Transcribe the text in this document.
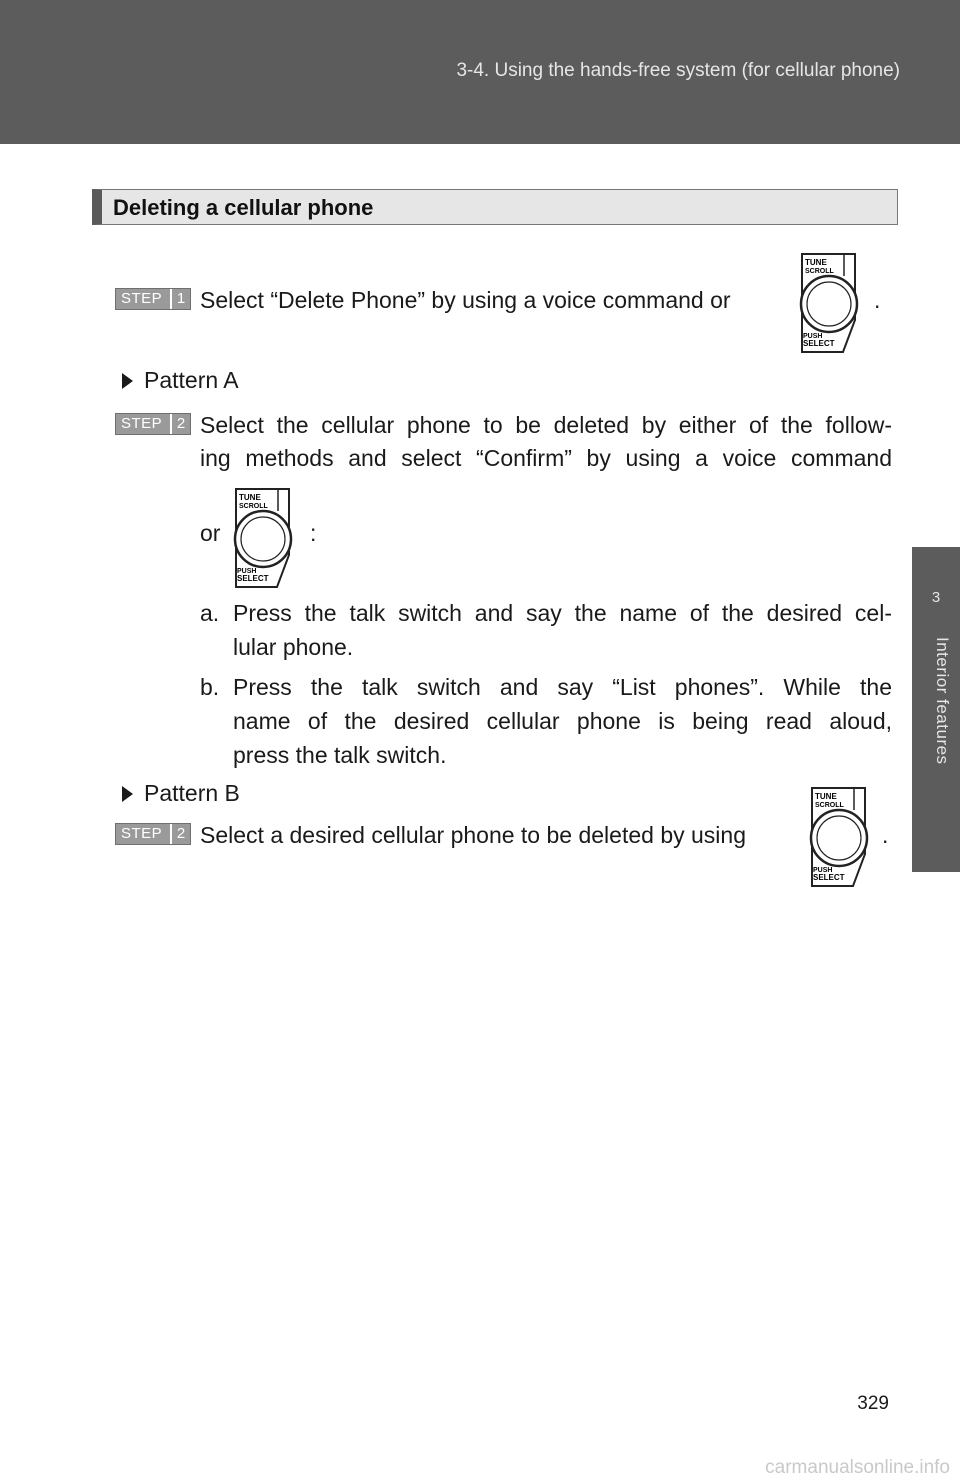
3-4. Using the hands-free system (for cellular phone)
3
Interior features
Deleting a cellular phone
STEP 1 Select “Delete Phone” by using a voice command or
TUNE
SCROLL
PUSH
SELECT
.
Pattern A
STEP 2 Select the cellular phone to be deleted by either of the follow-
ing methods and select “Confirm” by using a voice command
or
TUNE
SCROLL
PUSH
SELECT
:
a. Press the talk switch and say the name of the desired cel-
lular phone.
b. Press the talk switch and say “List phones”. While the
name of the desired cellular phone is being read aloud,
press the talk switch.
Pattern B
STEP 2 Select a desired cellular phone to be deleted by using
TUNE
SCROLL
PUSH
SELECT
.
329
carmanualsonline.info
